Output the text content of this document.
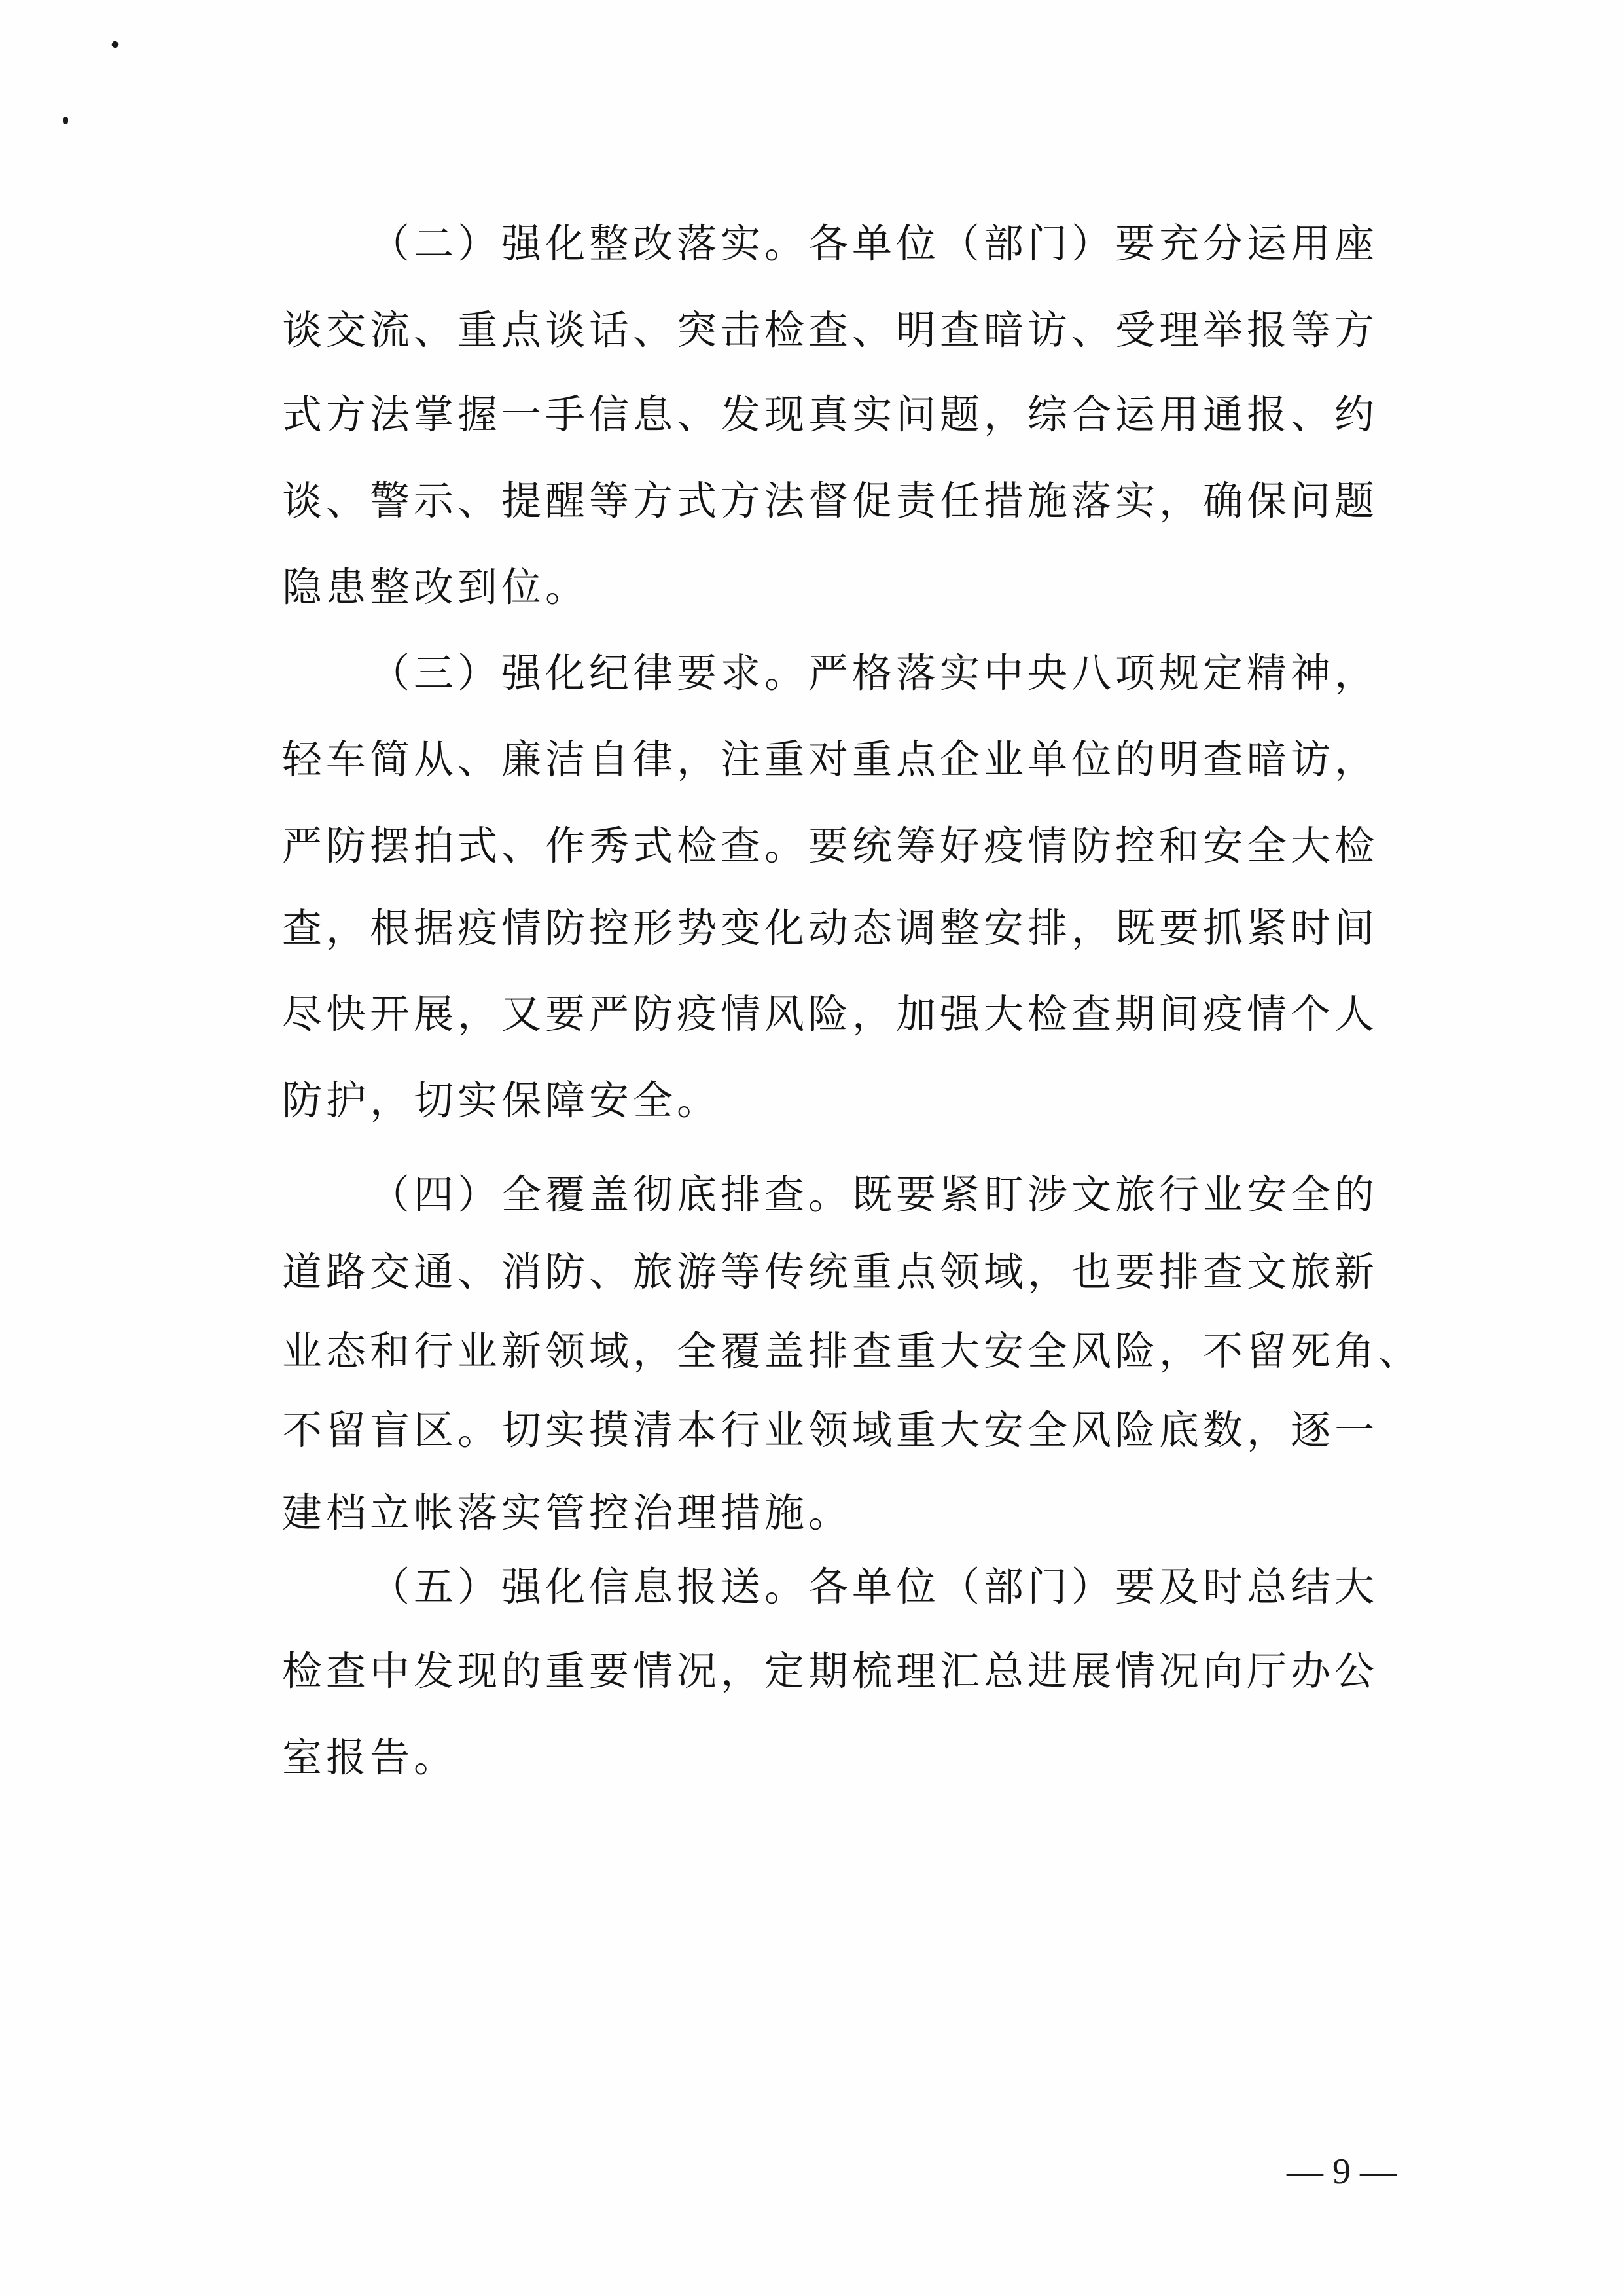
（二）强化整改落实。各单位（部门）要充分运用座
谈交流、重点谈话、突击检查、明查暗访、受理举报等方
式方法掌握一手信息、发现真实问题，综合运用通报、约
谈、警示、提醒等方式方法督促责任措施落实，确保问题
隐患整改到位。
（三）强化纪律要求。严格落实中央八项规定精神，
轻车简从、廉洁自律，注重对重点企业单位的明查暗访，
严防摆拍式、作秀式检查。要统筹好疫情防控和安全大检
查，根据疫情防控形势变化动态调整安排，既要抓紧时间
尽快开展，又要严防疫情风险，加强大检查期间疫情个人
防护，切实保障安全。
（四）全覆盖彻底排查。既要紧盯涉文旅行业安全的
道路交通、消防、旅游等传统重点领域，也要排查文旅新
业态和行业新领域，全覆盖排查重大安全风险，不留死角、
不留盲区。切实摸清本行业领域重大安全风险底数，逐一
建档立帐落实管控治理措施。
（五）强化信息报送。各单位（部门）要及时总结大
检查中发现的重要情况，定期梳理汇总进展情况向厅办公
室报告。
— 9 —
